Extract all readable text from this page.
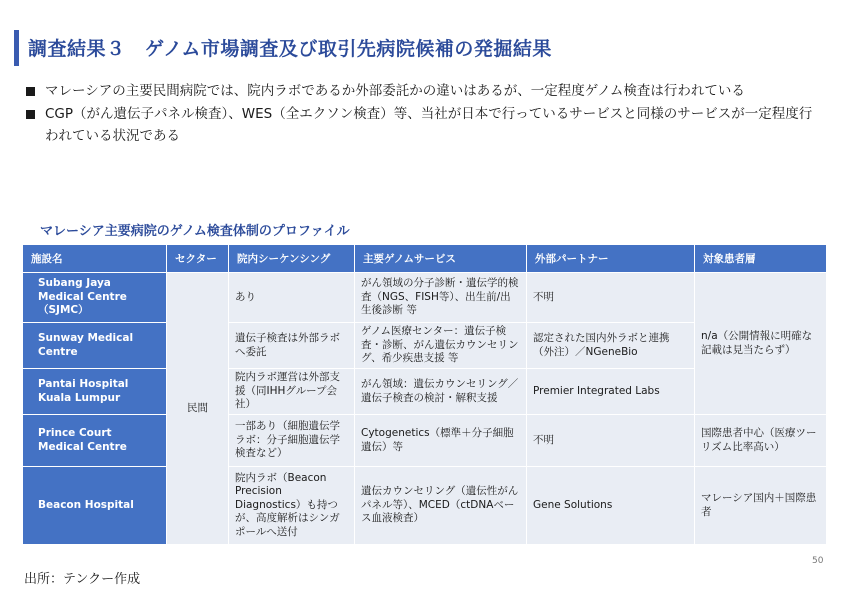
調査結果３　ゲノム市場調査及び取引先病院候補の発掘結果
マレーシアの主要民間病院では、院内ラボであるか外部委託かの違いはあるが、一定程度ゲノム検査は行われている
CGP（がん遺伝子パネル検査）、WES（全エクソン検査）等、当社が日本で行っているサービスと同様のサービスが一定程度行われている状況である
マレーシア主要病院のゲノム検査体制のプロファイル
施設名	セクター	院内シーケンシング	主要ゲノムサービス	外部パートナー	対象患者層
Subang Jaya Medical Centre （SJMC）	民間	あり	がん領域の分子診断・遺伝学的検査（NGS、FISH等）、出生前/出生後診断 等	不明	n/a（公開情報に明確な記載は見当たらず）
Sunway Medical Centre		遺伝子検査は外部ラボへ委託	ゲノム医療センター：遺伝子検査・診断、がん遺伝カウンセリング、希少疾患支援 等	認定された国内外ラボと連携（外注）／NGeneBio	
Pantai Hospital Kuala Lumpur		院内ラボ運営は外部支援（同IHHグループ会社）	がん領域：遺伝カウンセリング／遺伝子検査の検討・解釈支援	Premier Integrated Labs	
Prince Court Medical Centre		一部あり（細胞遺伝学ラボ：分子細胞遺伝学検査など）	Cytogenetics（標準＋分子細胞遺伝）等	不明	国際患者中心（医療ツーリズム比率高い）
Beacon Hospital		院内ラボ（Beacon Precision Diagnostics）も持つが、高度解析はシンガポールへ送付	遺伝カウンセリング（遺伝性がんパネル等）、MCED（ctDNAベース血液検査）	Gene Solutions	マレーシア国内＋国際患者
50
出所：テンクー作成
